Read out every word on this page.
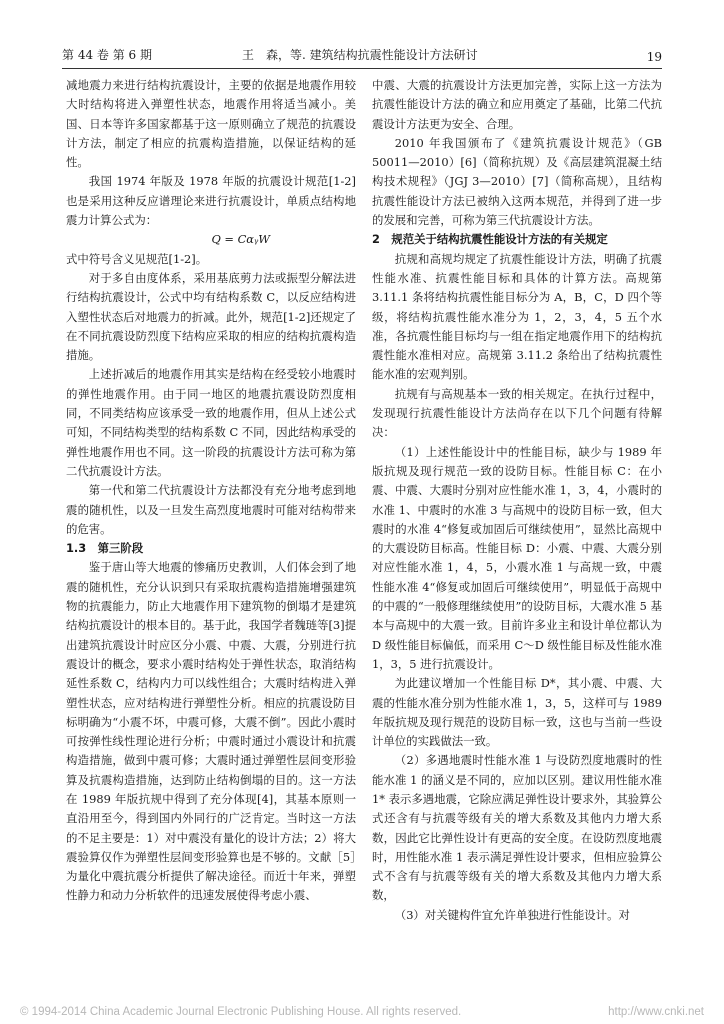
第 44 卷 第 6 期	王　森，等. 建筑结构抗震性能设计方法研讨	19

减地震力来进行结构抗震设计，主要的依据是地震作用较大时结构将进入弹塑性状态，地震作用将适当减小。美国、日本等许多国家都基于这一原则确立了规范的抗震设计方法，制定了相应的抗震构造措施，以保证结构的延性。

我国 1974 年版及 1978 年版的抗震设计规范[1-2]也是采用这种反应谱理论来进行抗震设计，单质点结构地震力计算公式为：

Q = CαᵧW

式中符号含义见规范[1-2]。

对于多自由度体系，采用基底剪力法或振型分解法进行结构抗震设计，公式中均有结构系数 C，以反应结构进入塑性状态后对地震力的折减。此外，规范[1-2]还规定了在不同抗震设防烈度下结构应采取的相应的结构抗震构造措施。

上述折减后的地震作用其实是结构在经受较小地震时的弹性地震作用。由于同一地区的地震抗震设防烈度相同，不同类结构应该承受一致的地震作用，但从上述公式可知，不同结构类型的结构系数 C 不同，因此结构承受的弹性地震作用也不同。这一阶段的抗震设计方法可称为第二代抗震设计方法。

第一代和第二代抗震设计方法都没有充分地考虑到地震的随机性，以及一旦发生高烈度地震时可能对结构带来的危害。

1.3　第三阶段

鉴于唐山等大地震的惨痛历史教训，人们体会到了地震的随机性，充分认识到只有采取抗震构造措施增强建筑物的抗震能力，防止大地震作用下建筑物的倒塌才是建筑结构抗震设计的根本目的。基于此，我国学者魏琏等[3]提出建筑抗震设计时应区分小震、中震、大震，分别进行抗震设计的概念，要求小震时结构处于弹性状态，取消结构延性系数 C，结构内力可以线性组合；大震时结构进入弹塑性状态，应对结构进行弹塑性分析。相应的抗震设防目标明确为“小震不坏，中震可修，大震不倒”。因此小震时可按弹性线性理论进行分析；中震时通过小震设计和抗震构造措施，做到中震可修；大震时通过弹塑性层间变形验算及抗震构造措施，达到防止结构倒塌的目的。这一方法在 1989 年版抗规中得到了充分体现[4]，其基本原则一直沿用至今，得到国内外同行的广泛肯定。当时这一方法的不足主要是：1）对中震没有量化的设计方法；2）将大震验算仅作为弹塑性层间变形验算也是不够的。文献［5］为量化中震抗震分析提供了解决途径。而近十年来，弹塑性静力和动力分析软件的迅速发展使得考虑小震、

中震、大震的抗震设计方法更加完善，实际上这一方法为抗震性能设计方法的确立和应用奠定了基础，比第二代抗震设计方法更为安全、合理。

2010 年我国颁布了《建筑抗震设计规范》（GB 50011—2010）[6]（简称抗规）及《高层建筑混凝土结构技术规程》（JGJ 3—2010）[7]（简称高规），且结构抗震性能设计方法已被纳入这两本规范，并得到了进一步的发展和完善，可称为第三代抗震设计方法。

2　规范关于结构抗震性能设计方法的有关规定

抗规和高规均规定了抗震性能设计方法，明确了抗震性能水准、抗震性能目标和具体的计算方法。高规第 3.11.1 条将结构抗震性能目标分为 A，B，C，D 四个等级，将结构抗震性能水准分为 1，2，3，4，5 五个水准，各抗震性能目标均与一组在指定地震作用下的结构抗震性能水准相对应。高规第 3.11.2 条给出了结构抗震性能水准的宏观判别。

抗规有与高规基本一致的相关规定。在执行过程中，发现现行抗震性能设计方法尚存在以下几个问题有待解决：

（1）上述性能设计中的性能目标，缺少与 1989 年版抗规及现行规范一致的设防目标。性能目标 C：在小震、中震、大震时分别对应性能水准 1，3，4，小震时的水准 1、中震时的水准 3 与高规中的设防目标一致，但大震时的水准 4“修复或加固后可继续使用”，显然比高规中的大震设防目标高。性能目标 D：小震、中震、大震分别对应性能水准 1，4，5，小震水准 1 与高规一致，中震性能水准 4“修复或加固后可继续使用”，明显低于高规中的中震的“一般修理继续使用”的设防目标，大震水准 5 基本与高规中的大震一致。目前许多业主和设计单位都认为 D 级性能目标偏低，而采用 C～D 级性能目标及性能水准 1，3，5 进行抗震设计。

为此建议增加一个性能目标 D*，其小震、中震、大震的性能水准分别为性能水准 1，3，5，这样可与 1989 年版抗规及现行规范的设防目标一致，这也与当前一些设计单位的实践做法一致。

（2）多遇地震时性能水准 1 与设防烈度地震时的性能水准 1 的涵义是不同的，应加以区别。建议用性能水准 1* 表示多遇地震，它除应满足弹性设计要求外，其验算公式还含有与抗震等级有关的增大系数及其他内力增大系数，因此它比弹性设计有更高的安全度。在设防烈度地震时，用性能水准 1 表示满足弹性设计要求，但相应验算公式不含有与抗震等级有关的增大系数及其他内力增大系数，

（3）对关键构件宜允许单独进行性能设计。对

© 1994-2014 China Academic Journal Electronic Publishing House. All rights reserved.	http://www.cnki.net
